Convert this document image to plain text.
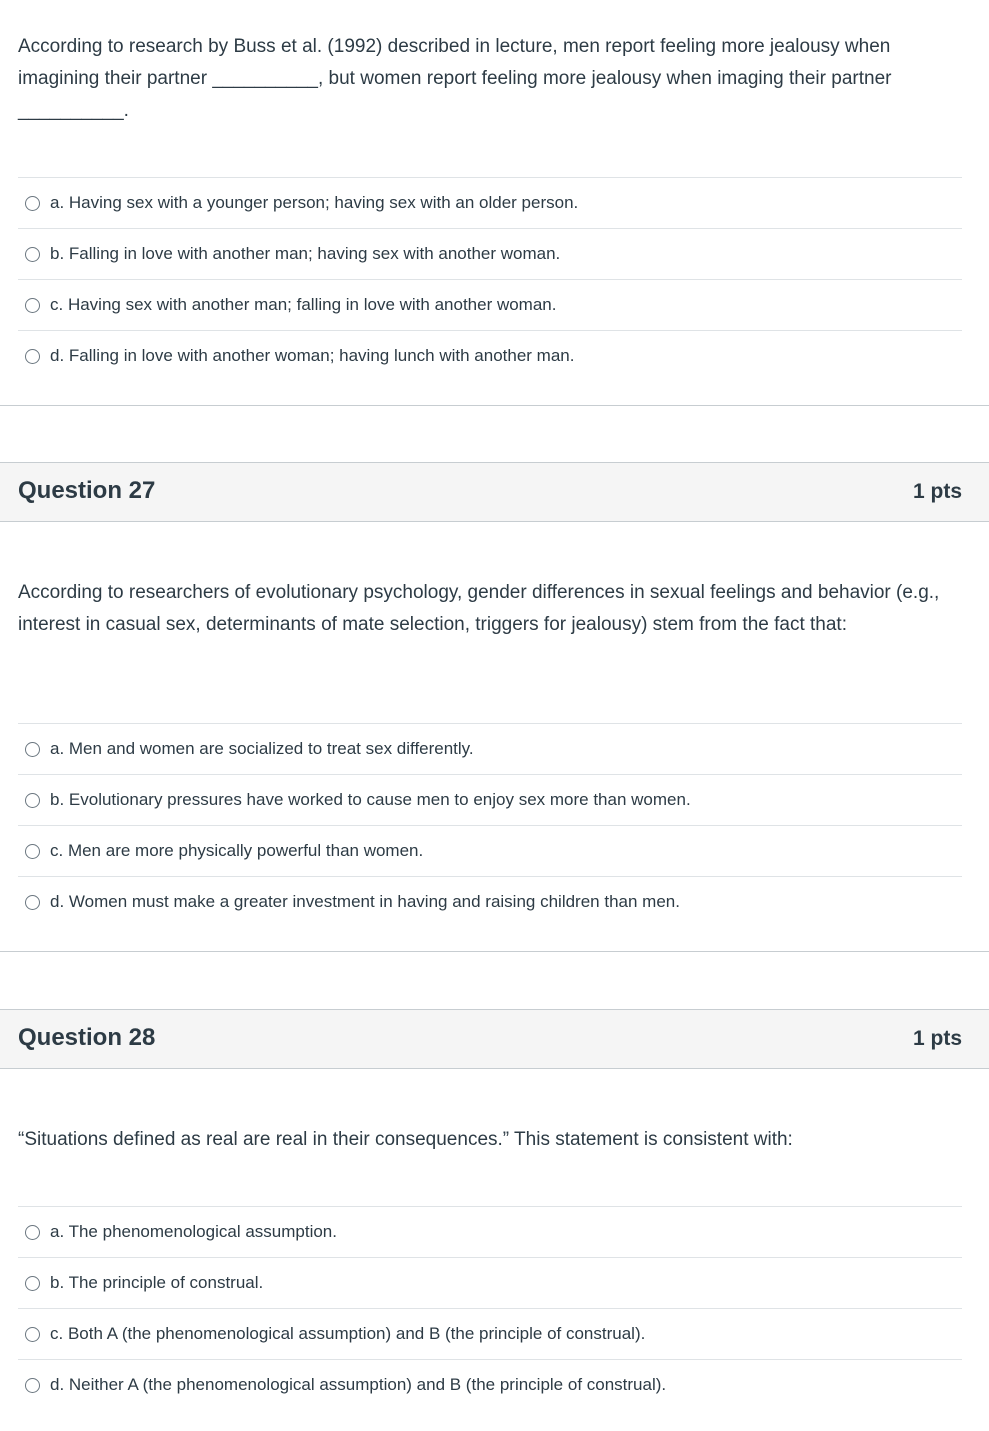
According to research by Buss et al. (1992) described in lecture, men report feeling more jealousy when imagining their partner __________, but women report feeling more jealousy when imaging their partner __________.
a. Having sex with a younger person; having sex with an older person.
b. Falling in love with another man; having sex with another woman.
c. Having sex with another man; falling in love with another woman.
d. Falling in love with another woman; having lunch with another man.
Question 27	1 pts
According to researchers of evolutionary psychology, gender differences in sexual feelings and behavior (e.g., interest in casual sex, determinants of mate selection, triggers for jealousy) stem from the fact that:
a. Men and women are socialized to treat sex differently.
b. Evolutionary pressures have worked to cause men to enjoy sex more than women.
c. Men are more physically powerful than women.
d. Women must make a greater investment in having and raising children than men.
Question 28	1 pts
“Situations defined as real are real in their consequences.” This statement is consistent with:
a. The phenomenological assumption.
b. The principle of construal.
c. Both A (the phenomenological assumption) and B (the principle of construal).
d. Neither A (the phenomenological assumption) and B (the principle of construal).
